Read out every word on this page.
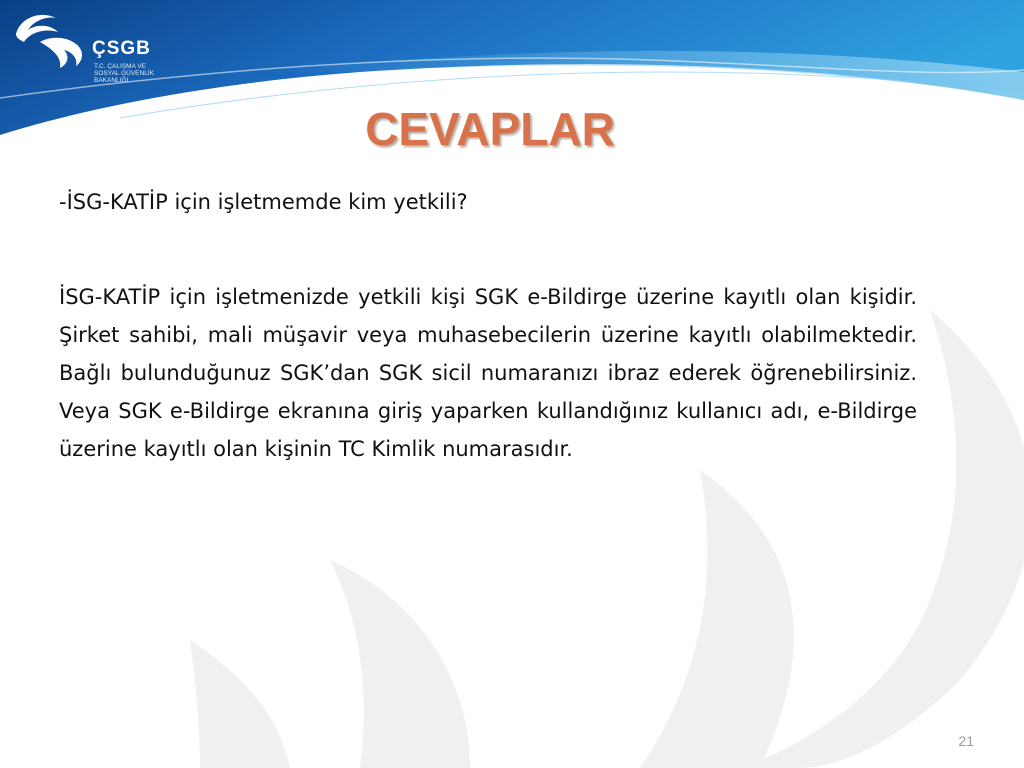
ÇSGB
T.C. ÇALIŞMA VE
SOSYAL GÜVENLİK
BAKANLIĞI
CEVAPLAR

-İSG-KATİP için işletmemde kim yetkili?

İSG-KATİP için işletmenizde yetkili kişi SGK e-Bildirge üzerine kayıtlı olan kişidir. Şirket sahibi, mali müşavir veya muhasebecilerin üzerine kayıtlı olabilmektedir. Bağlı bulunduğunuz SGK’dan SGK sicil numaranızı ibraz ederek öğrenebilirsiniz. Veya SGK e-Bildirge ekranına giriş yaparken kullandığınız kullanıcı adı, e-Bildirge üzerine kayıtlı olan kişinin TC Kimlik numarasıdır.

21
